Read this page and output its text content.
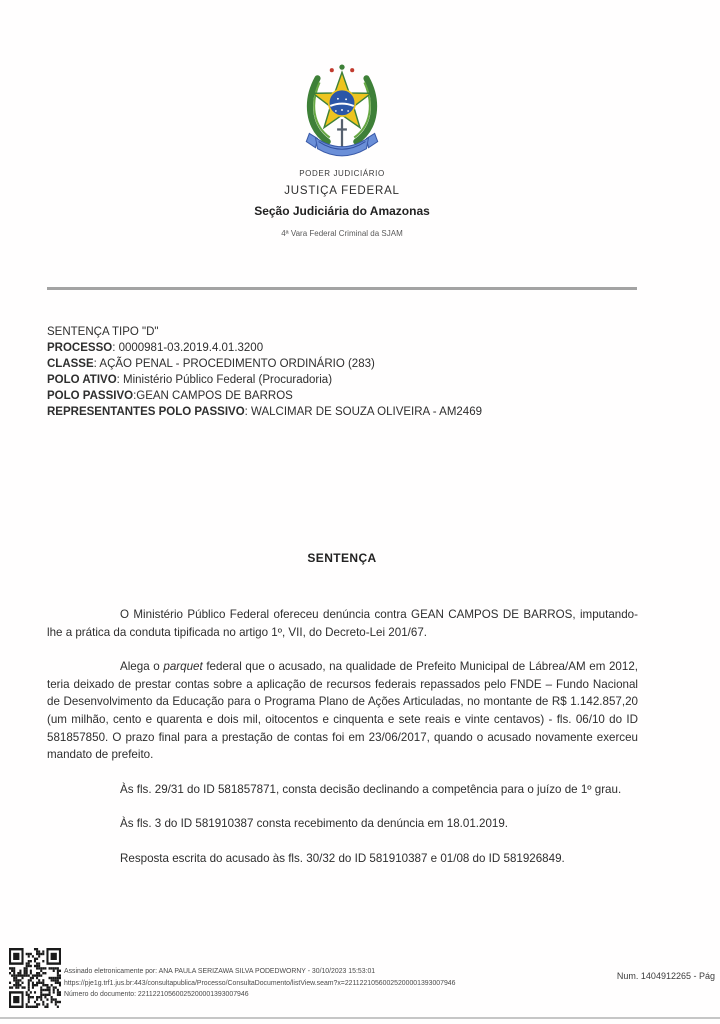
PODER JUDICIÁRIO
JUSTIÇA FEDERAL
Seção Judiciária do Amazonas
4ª Vara Federal Criminal da SJAM
SENTENÇA TIPO "D"
PROCESSO: 0000981-03.2019.4.01.3200
CLASSE: AÇÃO PENAL - PROCEDIMENTO ORDINÁRIO (283)
POLO ATIVO: Ministério Público Federal (Procuradoria)
POLO PASSIVO:GEAN CAMPOS DE BARROS
REPRESENTANTES POLO PASSIVO: WALCIMAR DE SOUZA OLIVEIRA - AM2469
SENTENÇA

O Ministério Público Federal ofereceu denúncia contra GEAN CAMPOS DE BARROS, imputando-lhe a prática da conduta tipificada no artigo 1º, VII, do Decreto-Lei 201/67.

Alega o parquet federal que o acusado, na qualidade de Prefeito Municipal de Lábrea/AM em 2012, teria deixado de prestar contas sobre a aplicação de recursos federais repassados pelo FNDE – Fundo Nacional de Desenvolvimento da Educação para o Programa Plano de Ações Articuladas, no montante de R$ 1.142.857,20 (um milhão, cento e quarenta e dois mil, oitocentos e cinquenta e sete reais e vinte centavos) - fls. 06/10 do ID 581857850. O prazo final para a prestação de contas foi em 23/06/2017, quando o acusado novamente exerceu mandato de prefeito.

Às fls. 29/31 do ID 581857871, consta decisão declinando a competência para o juízo de 1º grau.

Às fls. 3 do ID 581910387 consta recebimento da denúncia em 18.01.2019.

Resposta escrita do acusado às fls. 30/32 do ID 581910387 e 01/08 do ID 581926849.

Assinado eletronicamente por: ANA PAULA SERIZAWA SILVA PODEDWORNY - 30/10/2023 15:53:01
https://pje1g.trf1.jus.br:443/consultapublica/Processo/ConsultaDocumento/listView.seam?x=22112210560025200001393007946
Número do documento: 22112210560025200001393007946
Num. 1404912265 - Pág
